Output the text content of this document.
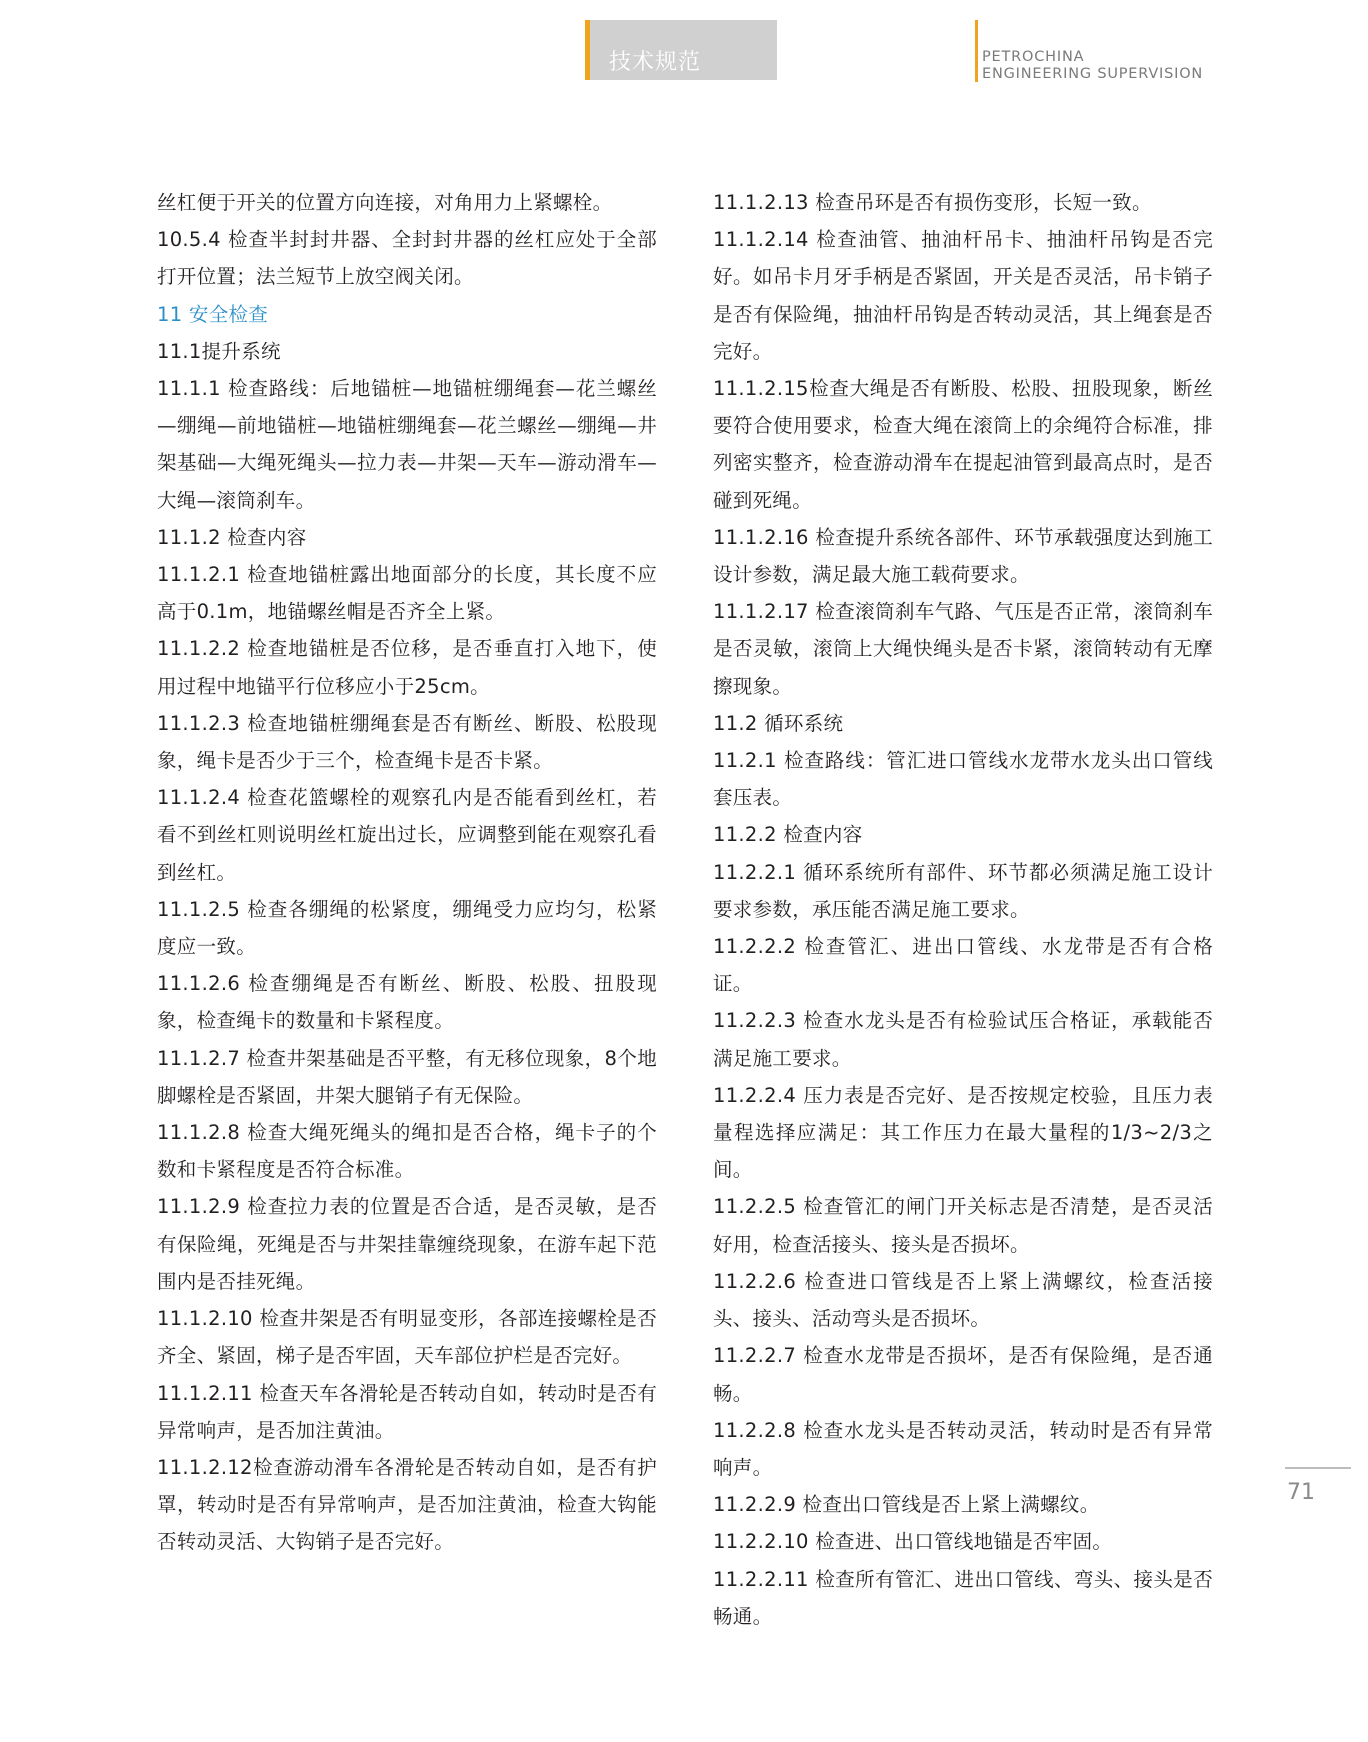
技术规范	PETROCHINA
ENGINEERING SUPERVISION

丝杠便于开关的位置方向连接，对角用力上紧螺栓。

10.5.4 检查半封封井器、全封封井器的丝杠应处于全部打开位置；法兰短节上放空阀关闭。

11 安全检查

11.1提升系统

11.1.1 检查路线：后地锚桩—地锚桩绷绳套—花兰螺丝—绷绳—前地锚桩—地锚桩绷绳套—花兰螺丝—绷绳—井架基础—大绳死绳头—拉力表—井架—天车—游动滑车—大绳—滚筒刹车。

11.1.2 检查内容

11.1.2.1 检查地锚桩露出地面部分的长度，其长度不应高于0.1m，地锚螺丝帽是否齐全上紧。

11.1.2.2 检查地锚桩是否位移，是否垂直打入地下，使用过程中地锚平行位移应小于25cm。

11.1.2.3 检查地锚桩绷绳套是否有断丝、断股、松股现象，绳卡是否少于三个，检查绳卡是否卡紧。

11.1.2.4 检查花篮螺栓的观察孔内是否能看到丝杠，若看不到丝杠则说明丝杠旋出过长，应调整到能在观察孔看到丝杠。

11.1.2.5 检查各绷绳的松紧度，绷绳受力应均匀，松紧度应一致。

11.1.2.6 检查绷绳是否有断丝、断股、松股、扭股现象，检查绳卡的数量和卡紧程度。

11.1.2.7 检查井架基础是否平整，有无移位现象，8个地脚螺栓是否紧固，井架大腿销子有无保险。

11.1.2.8 检查大绳死绳头的绳扣是否合格，绳卡子的个数和卡紧程度是否符合标准。

11.1.2.9 检查拉力表的位置是否合适，是否灵敏，是否有保险绳，死绳是否与井架挂靠缠绕现象，在游车起下范围内是否挂死绳。

11.1.2.10 检查井架是否有明显变形，各部连接螺栓是否齐全、紧固，梯子是否牢固，天车部位护栏是否完好。

11.1.2.11 检查天车各滑轮是否转动自如，转动时是否有异常响声，是否加注黄油。

11.1.2.12检查游动滑车各滑轮是否转动自如，是否有护罩，转动时是否有异常响声，是否加注黄油，检查大钩能否转动灵活、大钩销子是否完好。

11.1.2.13 检查吊环是否有损伤变形，长短一致。

11.1.2.14 检查油管、抽油杆吊卡、抽油杆吊钩是否完好。如吊卡月牙手柄是否紧固，开关是否灵活，吊卡销子是否有保险绳，抽油杆吊钩是否转动灵活，其上绳套是否完好。

11.1.2.15检查大绳是否有断股、松股、扭股现象，断丝要符合使用要求，检查大绳在滚筒上的余绳符合标准，排列密实整齐，检查游动滑车在提起油管到最高点时，是否碰到死绳。

11.1.2.16 检查提升系统各部件、环节承载强度达到施工设计参数，满足最大施工载荷要求。

11.1.2.17 检查滚筒刹车气路、气压是否正常，滚筒刹车是否灵敏，滚筒上大绳快绳头是否卡紧，滚筒转动有无摩擦现象。

11.2 循环系统

11.2.1 检查路线：管汇进口管线水龙带水龙头出口管线套压表。

11.2.2 检查内容

11.2.2.1 循环系统所有部件、环节都必须满足施工设计要求参数，承压能否满足施工要求。

11.2.2.2 检查管汇、进出口管线、水龙带是否有合格证。

11.2.2.3 检查水龙头是否有检验试压合格证，承载能否满足施工要求。

11.2.2.4 压力表是否完好、是否按规定校验，且压力表量程选择应满足：其工作压力在最大量程的1/3~2/3之间。

11.2.2.5 检查管汇的闸门开关标志是否清楚，是否灵活好用，检查活接头、接头是否损坏。

11.2.2.6 检查进口管线是否上紧上满螺纹，检查活接头、接头、活动弯头是否损坏。

11.2.2.7 检查水龙带是否损坏，是否有保险绳，是否通畅。

11.2.2.8 检查水龙头是否转动灵活，转动时是否有异常响声。

11.2.2.9 检查出口管线是否上紧上满螺纹。

11.2.2.10 检查进、出口管线地锚是否牢固。

11.2.2.11 检查所有管汇、进出口管线、弯头、接头是否畅通。

71
